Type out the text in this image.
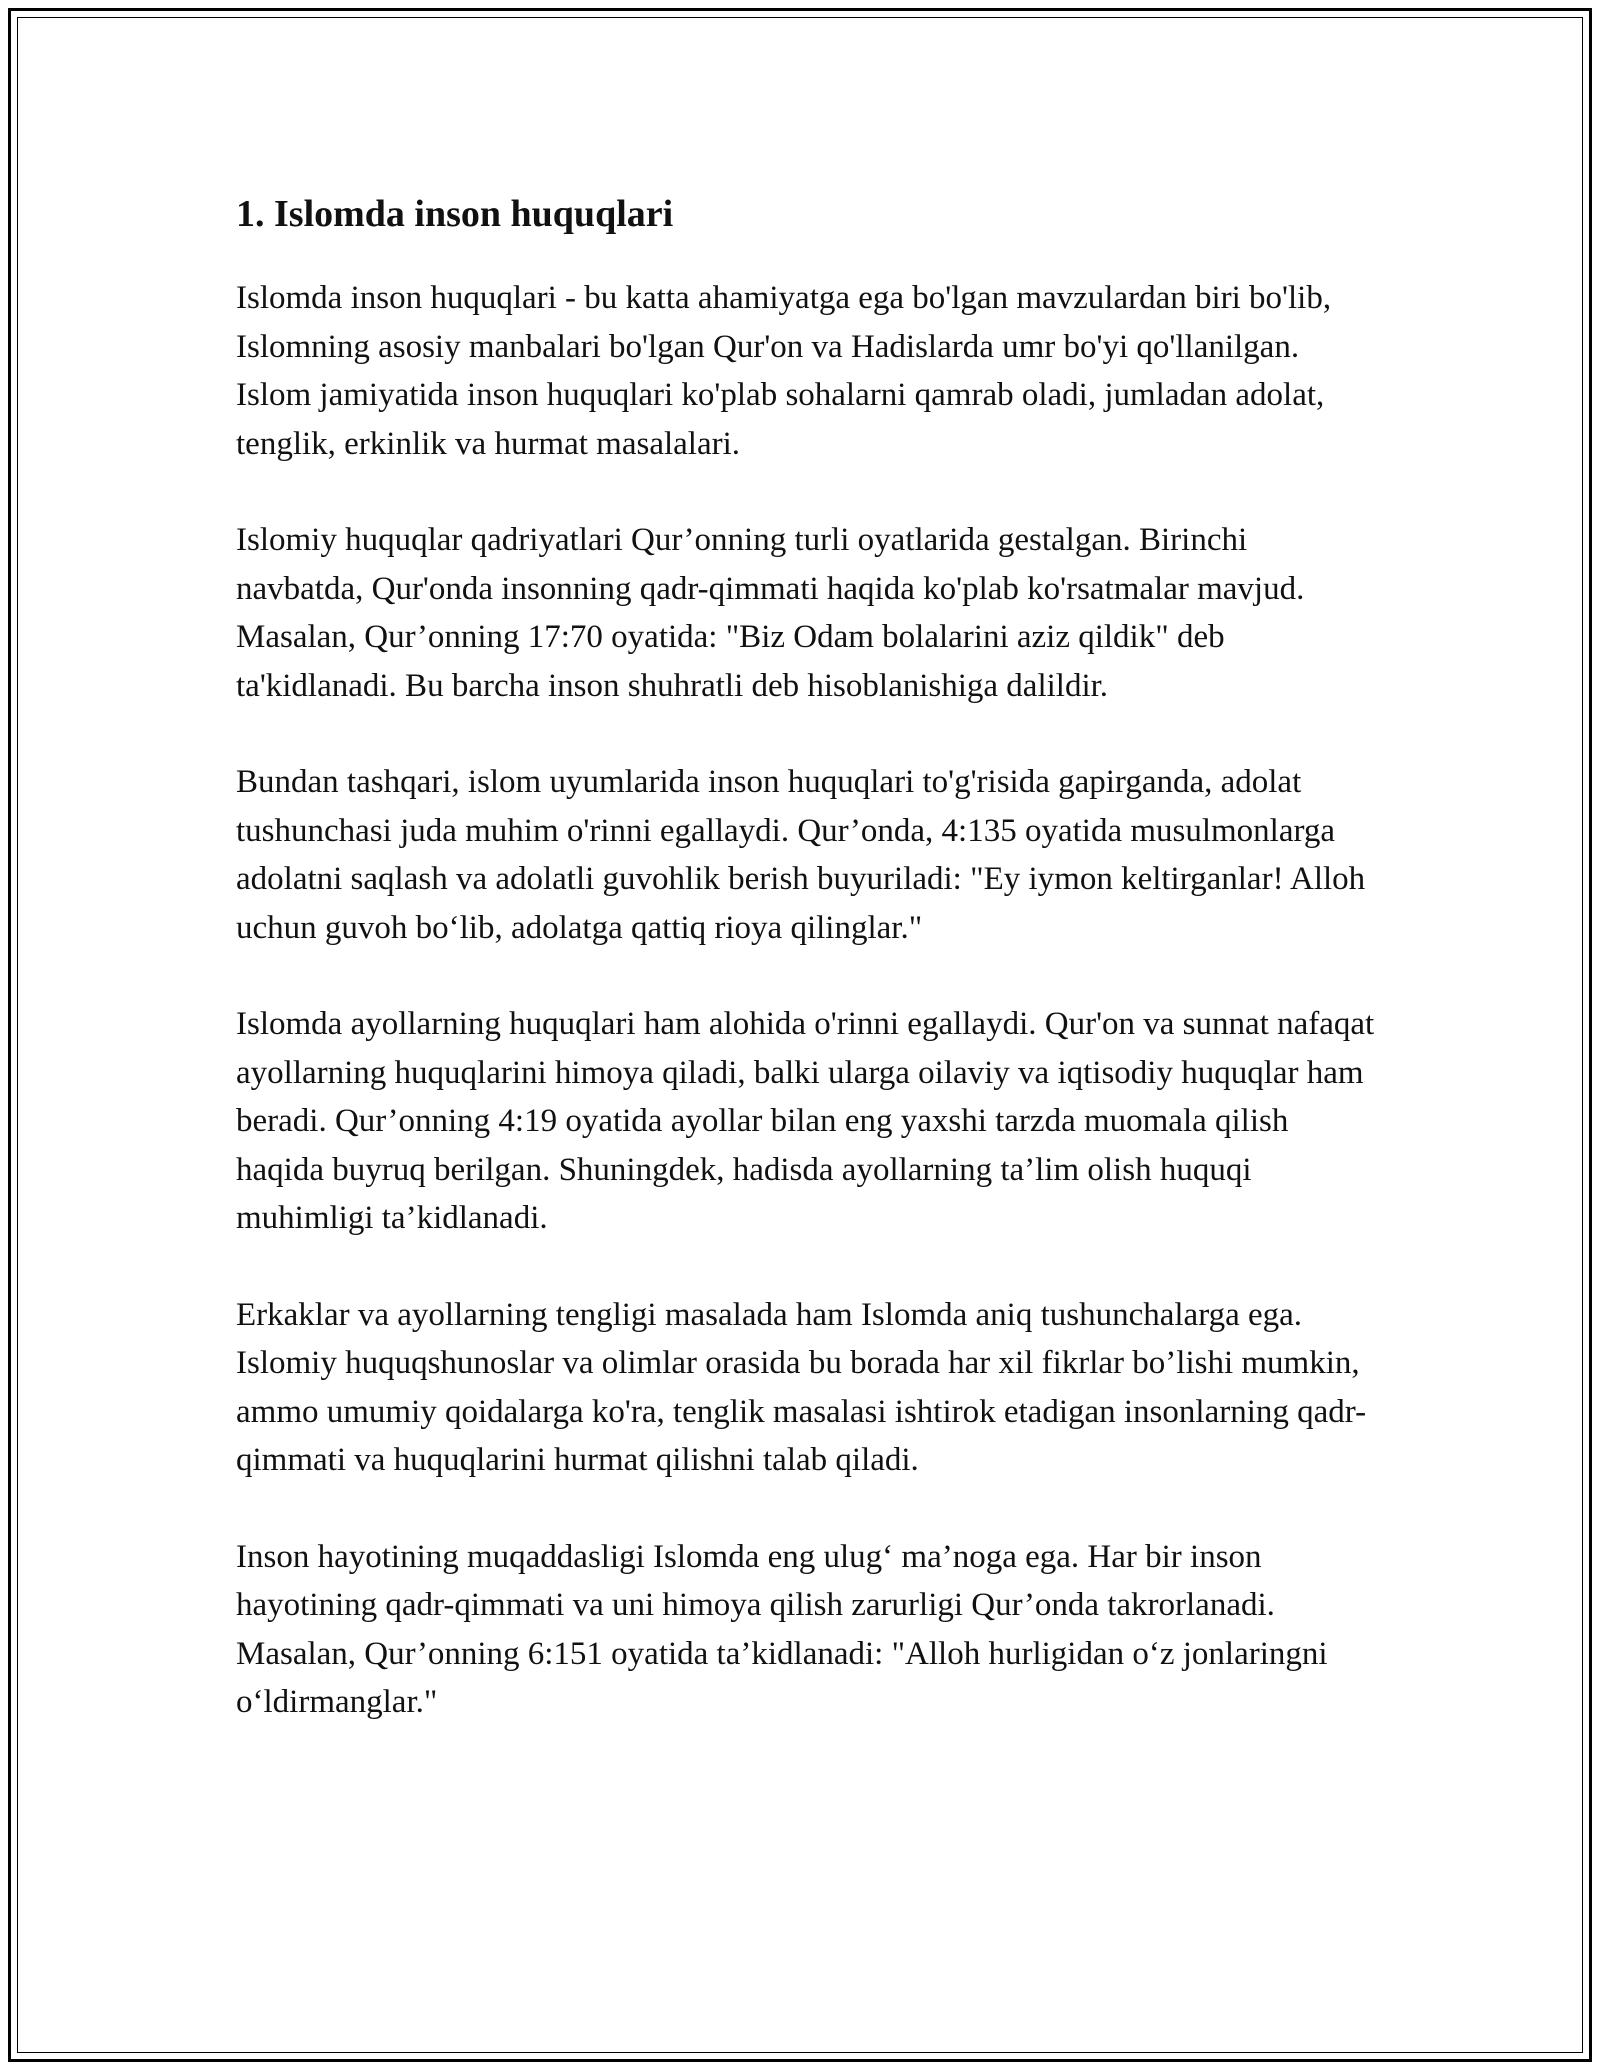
1. Islomda inson huquqlari

Islomda inson huquqlari - bu katta ahamiyatga ega bo'lgan mavzulardan biri bo'lib, Islomning asosiy manbalari bo'lgan Qur'on va Hadislarda umr bo'yi qo'llanilgan. Islom jamiyatida inson huquqlari ko'plab sohalarni qamrab oladi, jumladan adolat, tenglik, erkinlik va hurmat masalalari.

Islomiy huquqlar qadriyatlari Qur’onning turli oyatlarida gestalgan. Birinchi navbatda, Qur'onda insonning qadr-qimmati haqida ko'plab ko'rsatmalar mavjud. Masalan, Qur’onning 17:70 oyatida: "Biz Odam bolalarini aziz qildik" deb ta'kidlanadi. Bu barcha inson shuhratli deb hisoblanishiga dalildir.

Bundan tashqari, islom uyumlarida inson huquqlari to'g'risida gapirganda, adolat tushunchasi juda muhim o'rinni egallaydi. Qur’onda, 4:135 oyatida musulmonlarga adolatni saqlash va adolatli guvohlik berish buyuriladi: "Ey iymon keltirganlar! Alloh uchun guvoh bo‘lib, adolatga qattiq rioya qilinglar."

Islomda ayollarning huquqlari ham alohida o'rinni egallaydi. Qur'on va sunnat nafaqat ayollarning huquqlarini himoya qiladi, balki ularga oilaviy va iqtisodiy huquqlar ham beradi. Qur’onning 4:19 oyatida ayollar bilan eng yaxshi tarzda muomala qilish haqida buyruq berilgan. Shuningdek, hadisda ayollarning ta’lim olish huquqi muhimligi ta’kidlanadi.

Erkaklar va ayollarning tengligi masalada ham Islomda aniq tushunchalarga ega. Islomiy huquqshunoslar va olimlar orasida bu borada har xil fikrlar bo’lishi mumkin, ammo umumiy qoidalarga ko'ra, tenglik masalasi ishtirok etadigan insonlarning qadr-qimmati va huquqlarini hurmat qilishni talab qiladi.

Inson hayotining muqaddasligi Islomda eng ulug‘ ma’noga ega. Har bir inson hayotining qadr-qimmati va uni himoya qilish zarurligi Qur’onda takrorlanadi. Masalan, Qur’onning 6:151 oyatida ta’kidlanadi: "Alloh hurligidan o‘z jonlaringni o‘ldirmanglar."
